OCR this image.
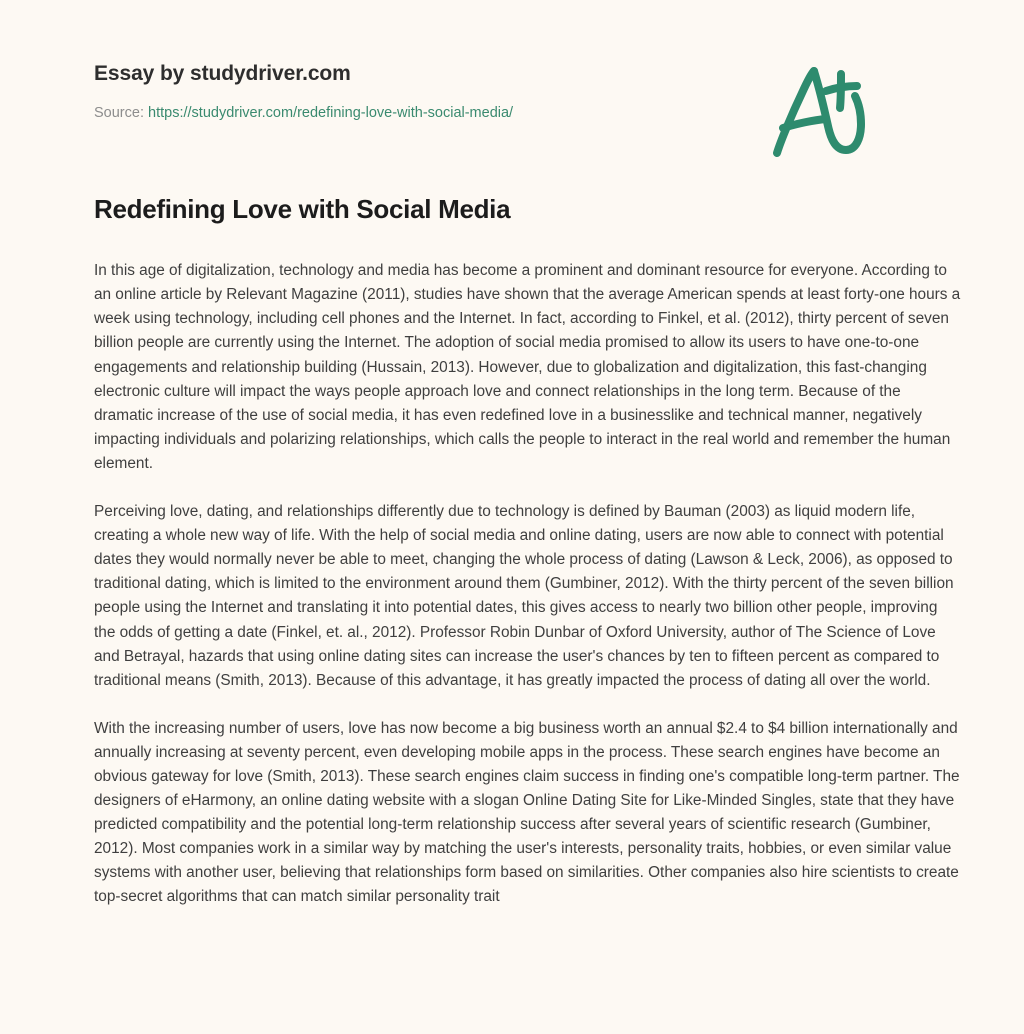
Essay by studydriver.com
Source: https://studydriver.com/redefining-love-with-social-media/
Redefining Love with Social Media

In this age of digitalization, technology and media has become a prominent and dominant resource for everyone. According to an online article by Relevant Magazine (2011), studies have shown that the average American spends at least forty-one hours a week using technology, including cell phones and the Internet. In fact, according to Finkel, et al. (2012), thirty percent of seven billion people are currently using the Internet. The adoption of social media promised to allow its users to have one-to-one engagements and relationship building (Hussain, 2013). However, due to globalization and digitalization, this fast-changing electronic culture will impact the ways people approach love and connect relationships in the long term. Because of the dramatic increase of the use of social media, it has even redefined love in a businesslike and technical manner, negatively impacting individuals and polarizing relationships, which calls the people to interact in the real world and remember the human element.

Perceiving love, dating, and relationships differently due to technology is defined by Bauman (2003) as liquid modern life, creating a whole new way of life. With the help of social media and online dating, users are now able to connect with potential dates they would normally never be able to meet, changing the whole process of dating (Lawson & Leck, 2006), as opposed to traditional dating, which is limited to the environment around them (Gumbiner, 2012). With the thirty percent of the seven billion people using the Internet and translating it into potential dates, this gives access to nearly two billion other people, improving the odds of getting a date (Finkel, et. al., 2012). Professor Robin Dunbar of Oxford University, author of The Science of Love and Betrayal, hazards that using online dating sites can increase the user's chances by ten to fifteen percent as compared to traditional means (Smith, 2013). Because of this advantage, it has greatly impacted the process of dating all over the world.

With the increasing number of users, love has now become a big business worth an annual $2.4 to $4 billion internationally and annually increasing at seventy percent, even developing mobile apps in the process. These search engines have become an obvious gateway for love (Smith, 2013). These search engines claim success in finding one's compatible long-term partner. The designers of eHarmony, an online dating website with a slogan Online Dating Site for Like-Minded Singles, state that they have predicted compatibility and the potential long-term relationship success after several years of scientific research (Gumbiner, 2012). Most companies work in a similar way by matching the user's interests, personality traits, hobbies, or even similar value systems with another user, believing that relationships form based on similarities. Other companies also hire scientists to create top-secret algorithms that can match similar personality trait
